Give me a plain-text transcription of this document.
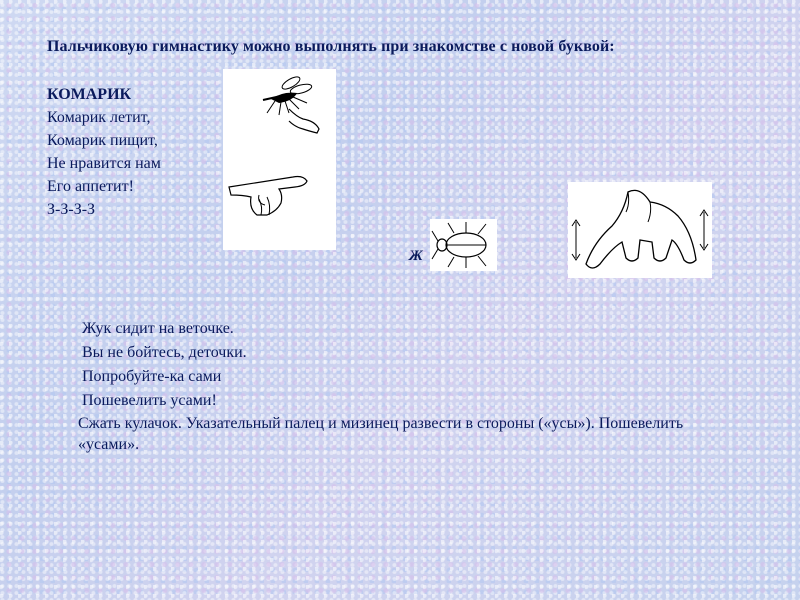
Пальчиковую гимнастику можно выполнять при знакомстве с новой буквой:
КОМАРИК
Комарик летит,
Комарик пищит,
Не нравится нам
Его аппетит!
З-З-З-З
Ж
Жук сидит на веточке.
Вы не бойтесь, деточки.
Попробуйте-ка сами
Пошевелить усами!
Сжать кулачок. Указательный палец и мизинец развести в стороны («усы»). Пошевелить «усами».
